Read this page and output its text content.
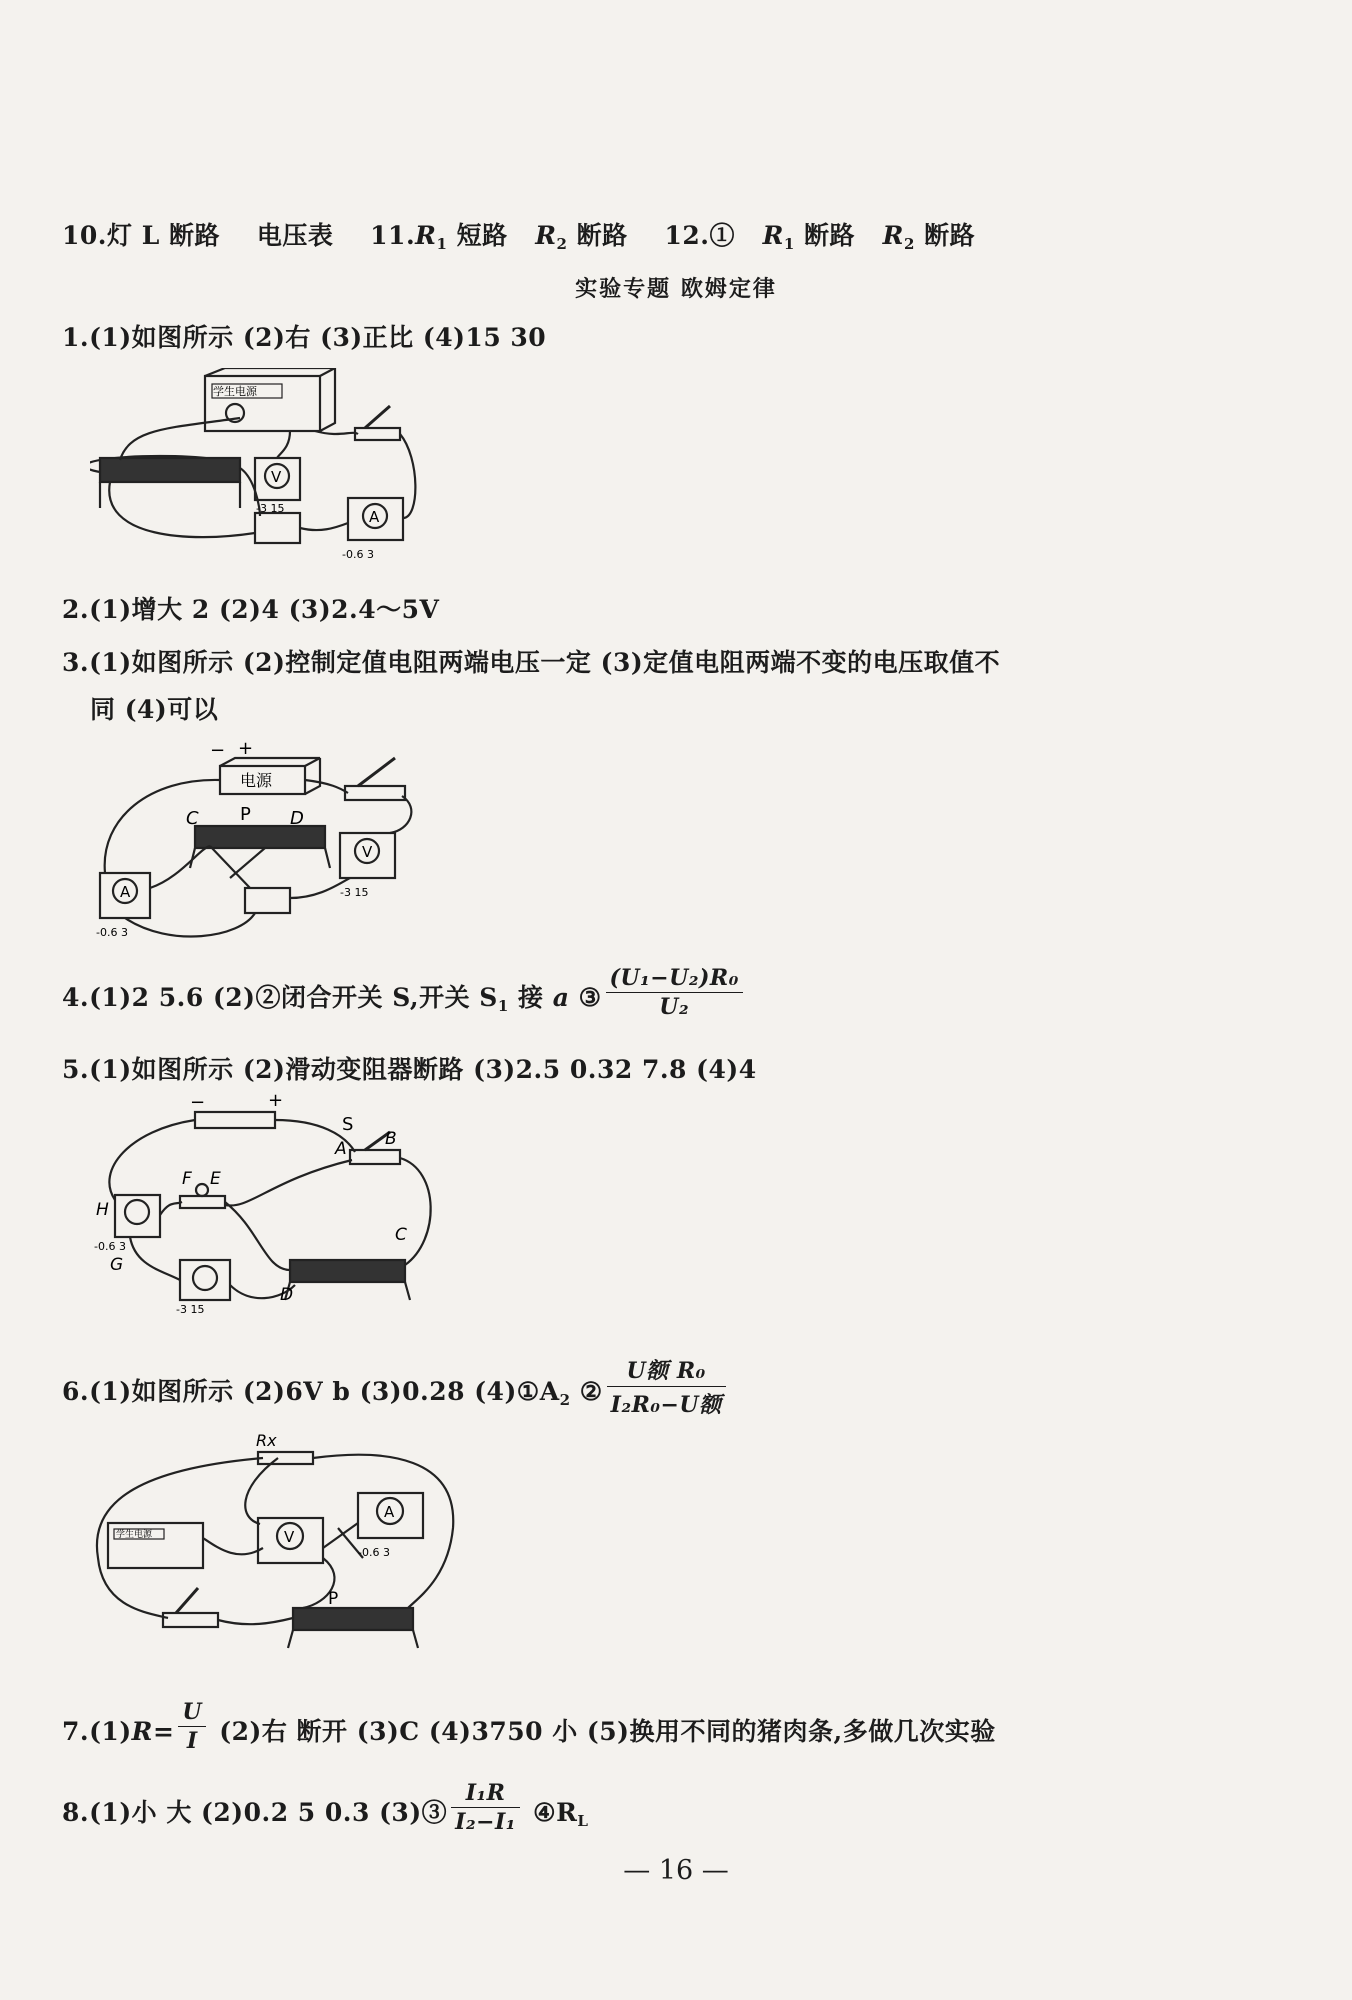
10.灯 L 断路 电压表 $11.R_1$ 短路 $R_2$ 断路 12.① $R_1$ 断路 $R_2$ 断路
实验专题 欧姆定律
1.(1)如图所示 (2)右 (3)正比 (4)15 30
学生电源
V
A
-3 15
-0.6 3
2.(1)增大 2 (2)4 (3)2.4～5V
3.(1)如图所示 (2)控制定值电阻两端电压一定 (3)定值电阻两端不变的电压取值不
同 (4)可以
− +
电源
C P D
V
A
-0.6 3
-3 15
4.(1)2 5.6 (2)②闭合开关 S,开关 $S_1$ 接 a ③ $\frac{\text{(U₁−U₂)R₀}}{\text{U₂}}$
5.(1)如图所示 (2)滑动变阻器断路 (3)2.5 0.32 7.8 (4)4
−	+
S
A B
F E
H
-0.6 3
G
C
D
-3 15
6.(1)如图所示 (2)6V b (3)0.28 $(4)①A_2$ ② $\frac{\text{U额 R₀}}{\text{I₂R₀−U额}}$
Rx
学生电源	V
A
-0.6 3
P
$7.(1)R= \frac{U}{I} (2)$右 断开 (3)C (4)3750 小 (5)换用不同的猪肉条,多做几次实验
8.(1)小 大 (2)0.2 5 0.3 (3)③ $\frac{\text{I₁R}}{\text{I₂−I₁}}$ $④R_L$
— 16 —
